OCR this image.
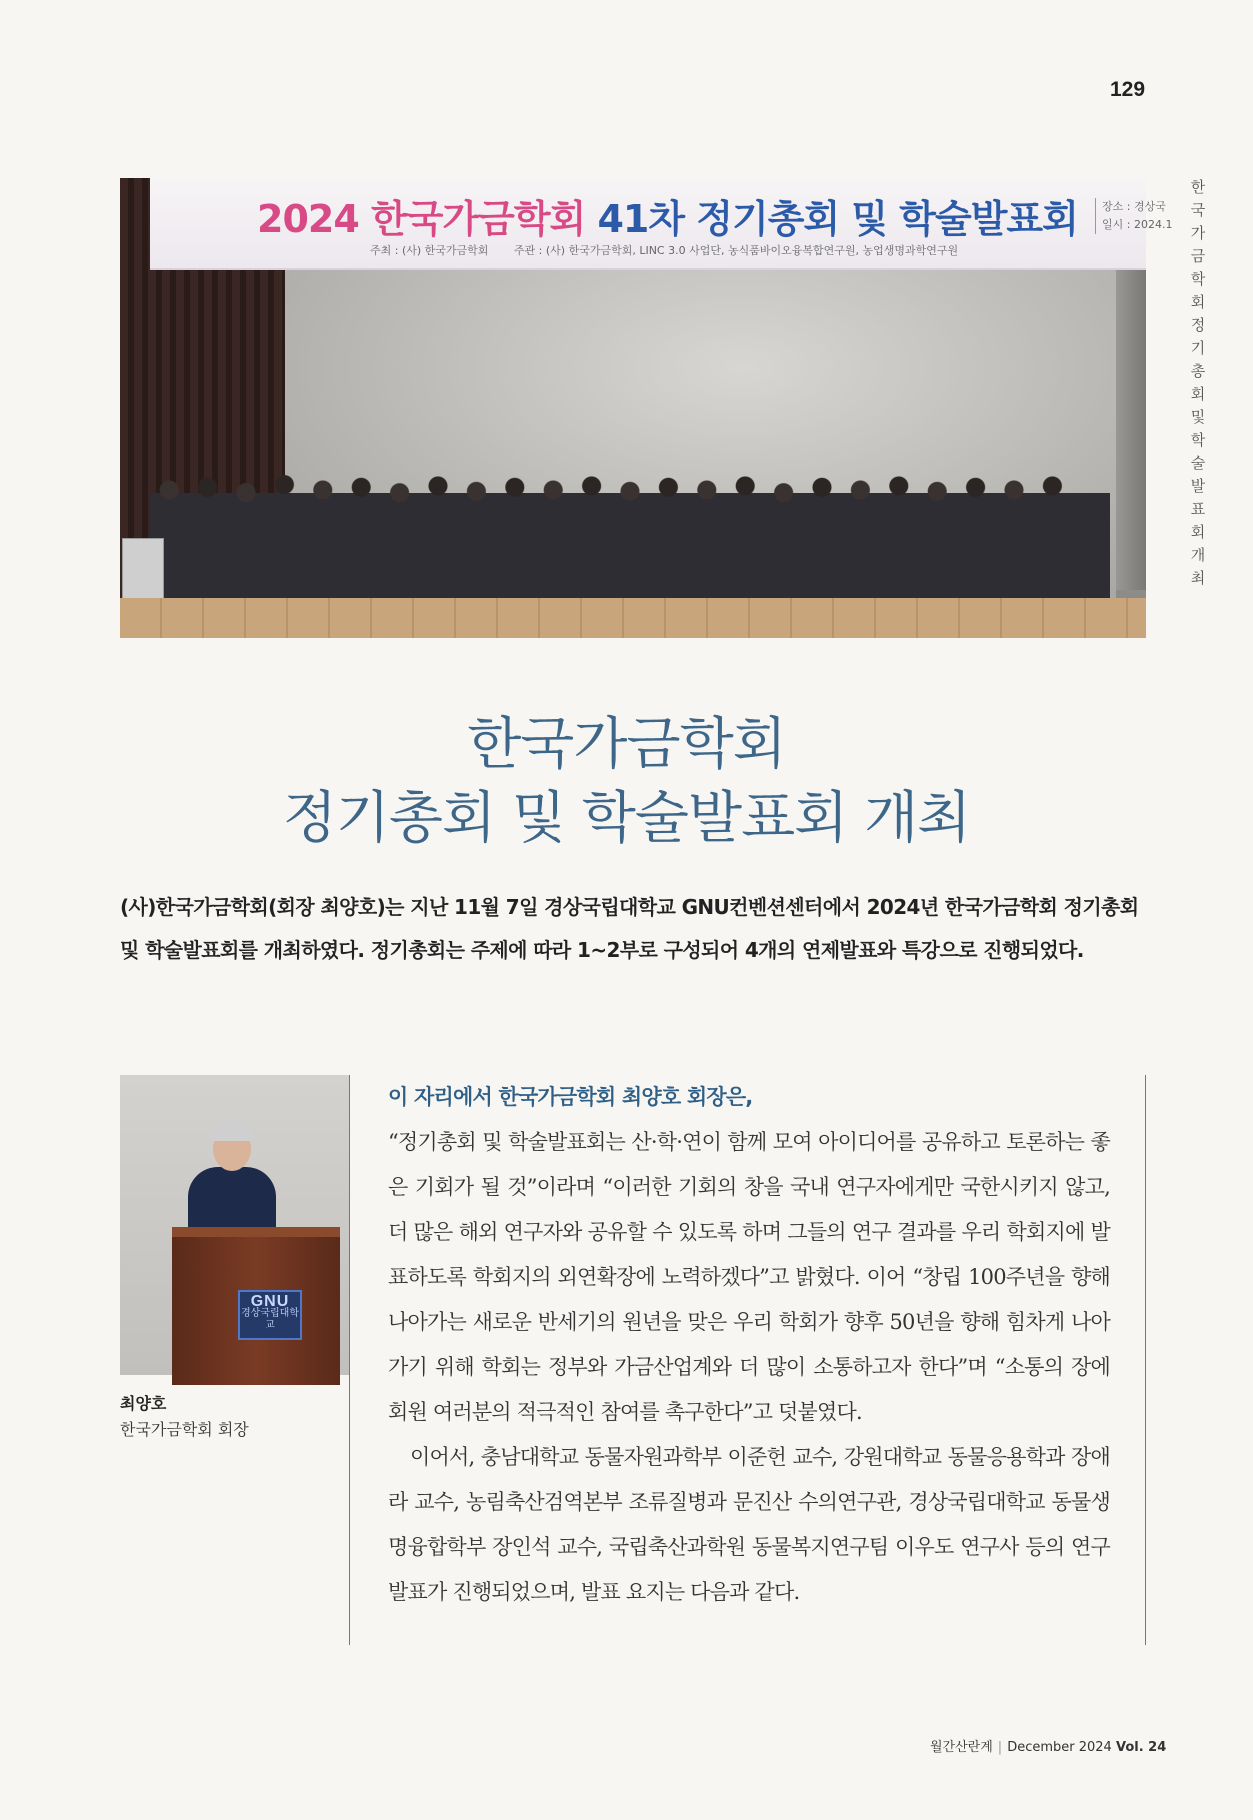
129
한국가금학회 정기총회 및 학술발표회 개최
2024 한국가금학회 41차 정기총회 및 학술발표회
주최 : (사) 한국가금학회 주관 : (사) 한국가금학회, LINC 3.0 사업단, 농식품바이오융복합연구원, 농업생명과학연구원
장소 : 경상국
일시 : 2024.1
한국가금학회
정기총회 및 학술발표회 개최
(사)한국가금학회(회장 최양호)는 지난 11월 7일 경상국립대학교 GNU컨벤션센터에서 2024년 한국가금학회 정기총회 및 학술발표회를 개최하였다. 정기총회는 주제에 따라 1~2부로 구성되어 4개의 연제발표와 특강으로 진행되었다.
GNU
경상국립대학교
최양호
한국가금학회 회장
이 자리에서 한국가금학회 최양호 회장은,

“정기총회 및 학술발표회는 산·학·연이 함께 모여 아이디어를 공유하고 토론하는 좋은 기회가 될 것”이라며 “이러한 기회의 창을 국내 연구자에게만 국한시키지 않고, 더 많은 해외 연구자와 공유할 수 있도록 하며 그들의 연구 결과를 우리 학회지에 발표하도록 학회지의 외연확장에 노력하겠다”고 밝혔다. 이어 “창립 100주년을 향해 나아가는 새로운 반세기의 원년을 맞은 우리 학회가 향후 50년을 향해 힘차게 나아가기 위해 학회는 정부와 가금산업계와 더 많이 소통하고자 한다”며 “소통의 장에 회원 여러분의 적극적인 참여를 촉구한다”고 덧붙였다.

이어서, 충남대학교 동물자원과학부 이준헌 교수, 강원대학교 동물응용학과 장애라 교수, 농림축산검역본부 조류질병과 문진산 수의연구관, 경상국립대학교 동물생명융합학부 장인석 교수, 국립축산과학원 동물복지연구팀 이우도 연구사 등의 연구발표가 진행되었으며, 발표 요지는 다음과 같다.

월간산란계 | December 2024 Vol. 24
